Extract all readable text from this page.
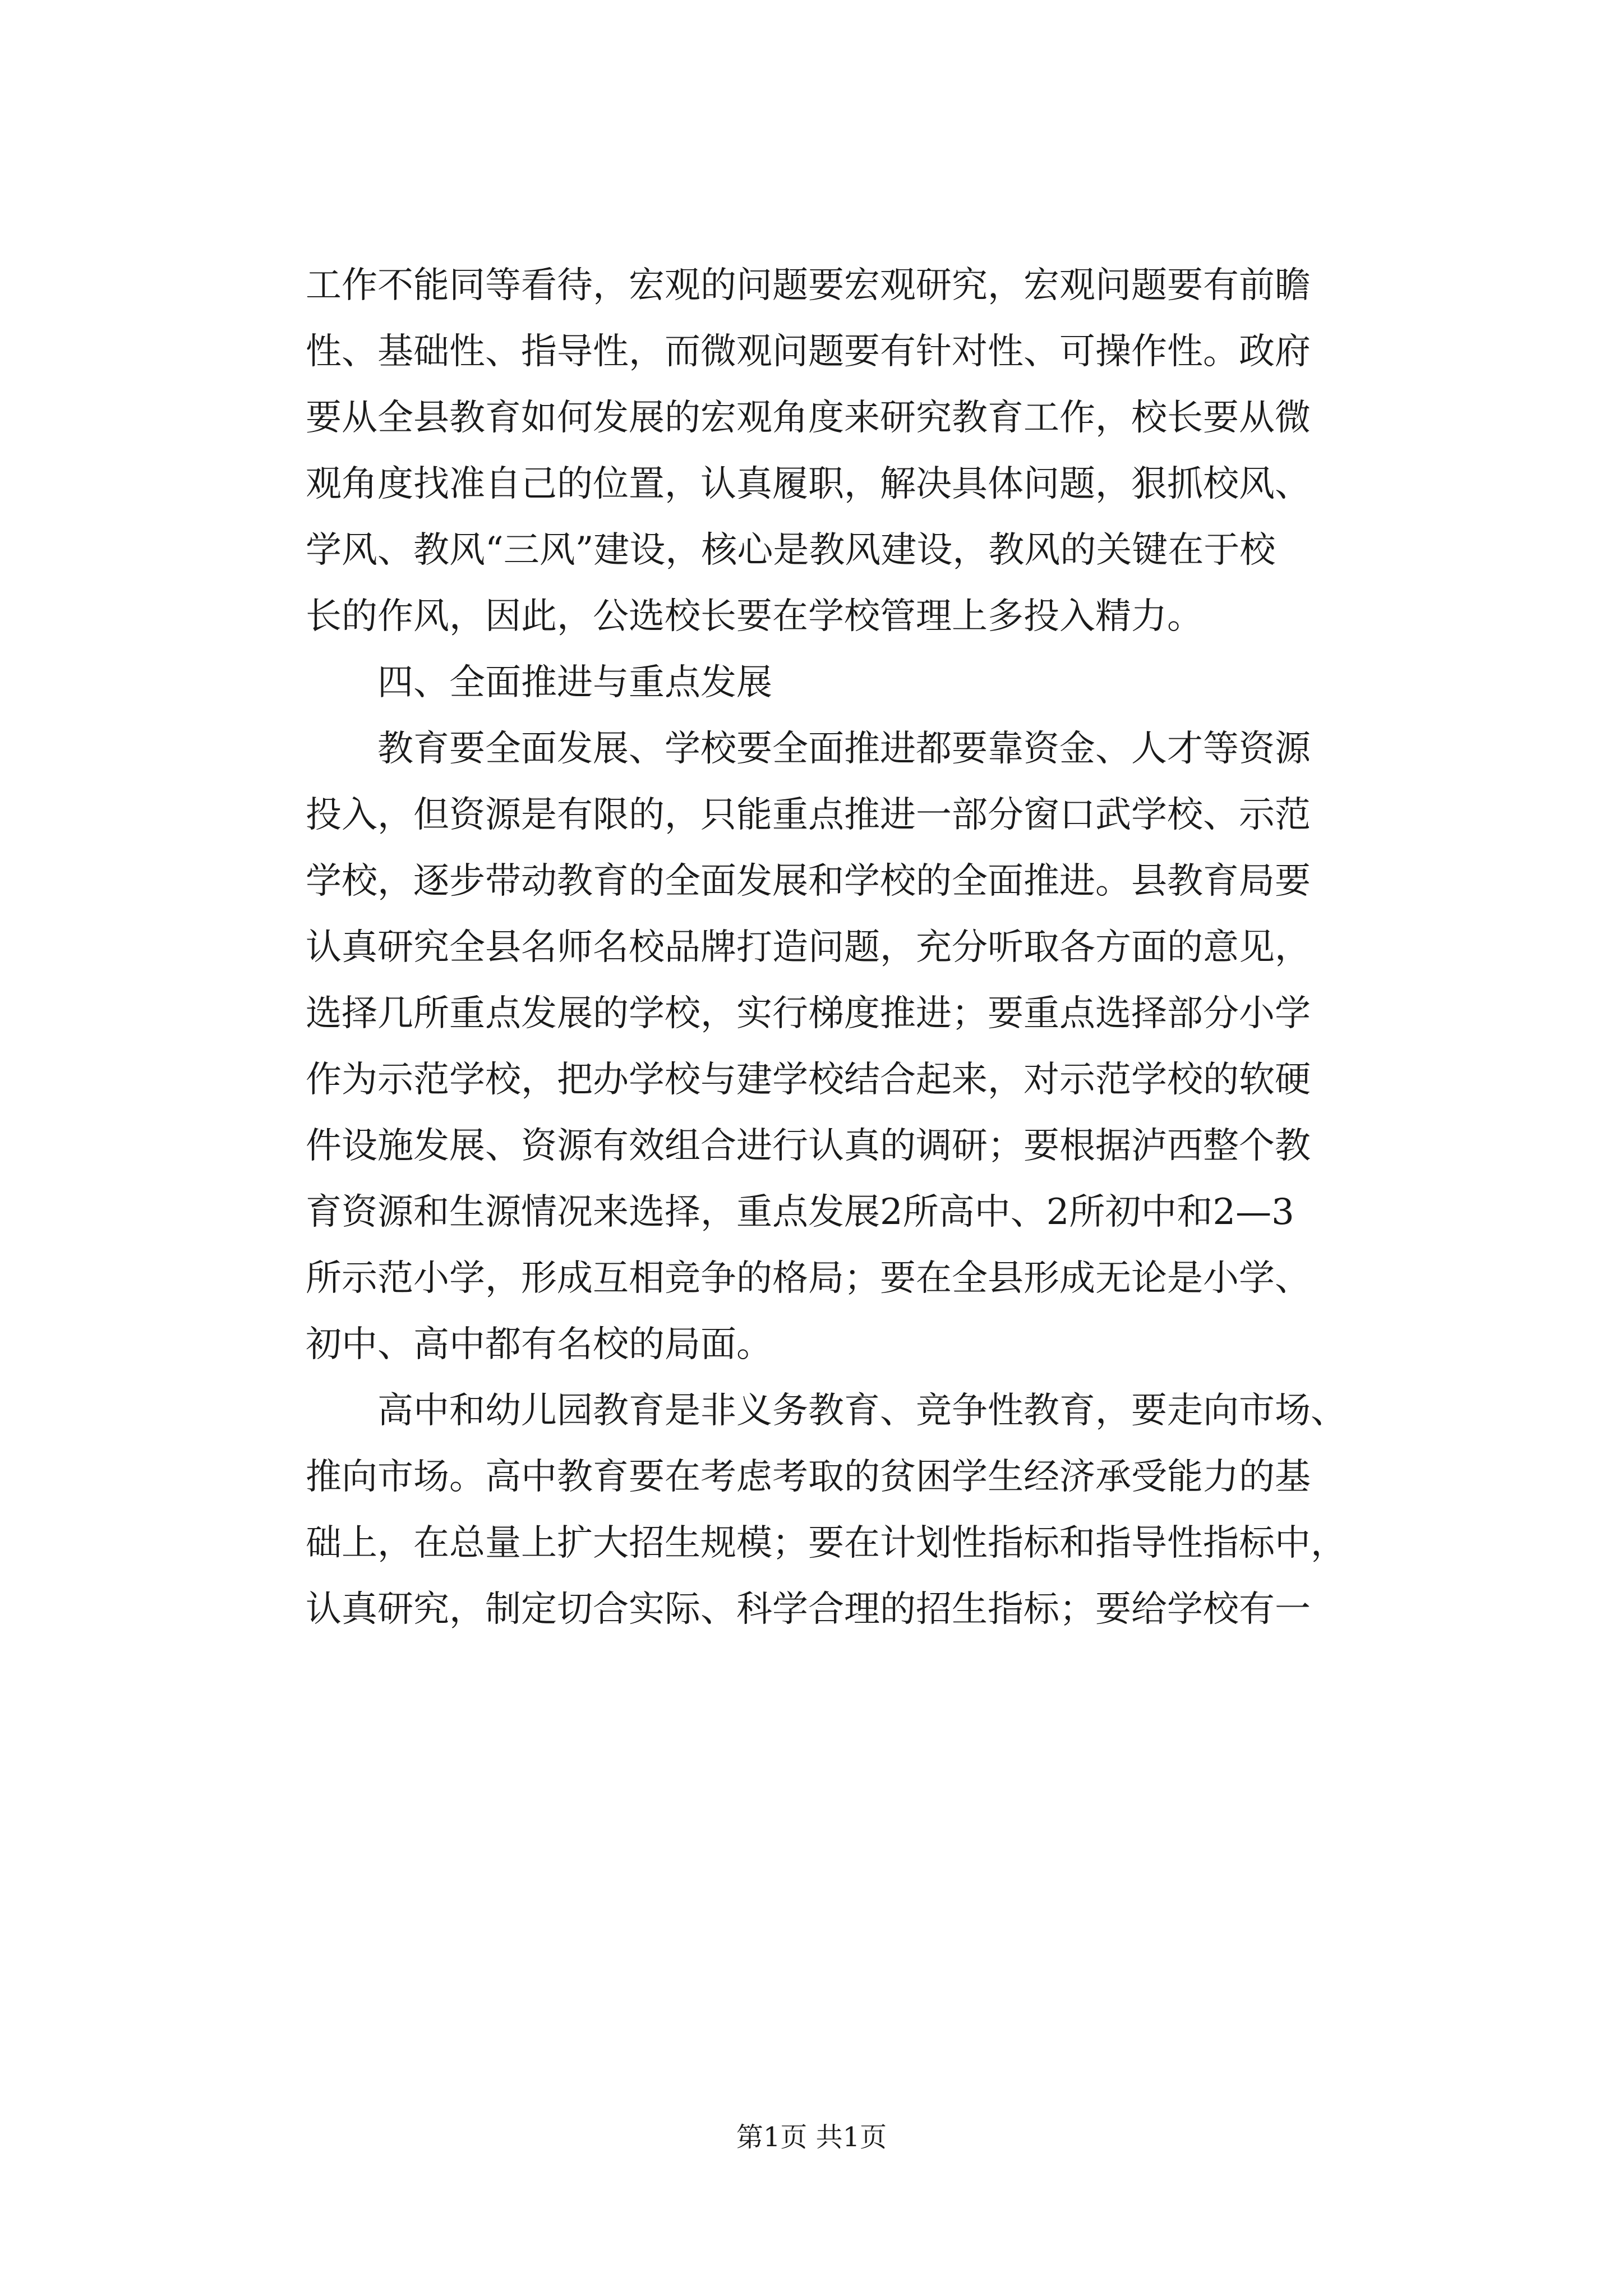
工作不能同等看待，宏观的问题要宏观研究，宏观问题要有前瞻
性、基础性、指导性，而微观问题要有针对性、可操作性。政府
要从全县教育如何发展的宏观角度来研究教育工作，校长要从微
观角度找准自己的位置，认真履职，解决具体问题，狠抓校风、
学风、教风“三风”建设，核心是教风建设，教风的关键在于校
长的作风，因此，公选校长要在学校管理上多投入精力。
四、全面推进与重点发展
教育要全面发展、学校要全面推进都要靠资金、人才等资源
投入，但资源是有限的，只能重点推进一部分窗口武学校、示范
学校，逐步带动教育的全面发展和学校的全面推进。县教育局要
认真研究全县名师名校品牌打造问题，充分听取各方面的意见，
选择几所重点发展的学校，实行梯度推进；要重点选择部分小学
作为示范学校，把办学校与建学校结合起来，对示范学校的软硬
件设施发展、资源有效组合进行认真的调研；要根据泸西整个教
育资源和生源情况来选择，重点发展2所高中、2所初中和2—3
所示范小学，形成互相竞争的格局；要在全县形成无论是小学、
初中、高中都有名校的局面。
高中和幼儿园教育是非义务教育、竞争性教育，要走向市场、
推向市场。高中教育要在考虑考取的贫困学生经济承受能力的基
础上，在总量上扩大招生规模；要在计划性指标和指导性指标中，
认真研究，制定切合实际、科学合理的招生指标；要给学校有一
第1页 共1页
